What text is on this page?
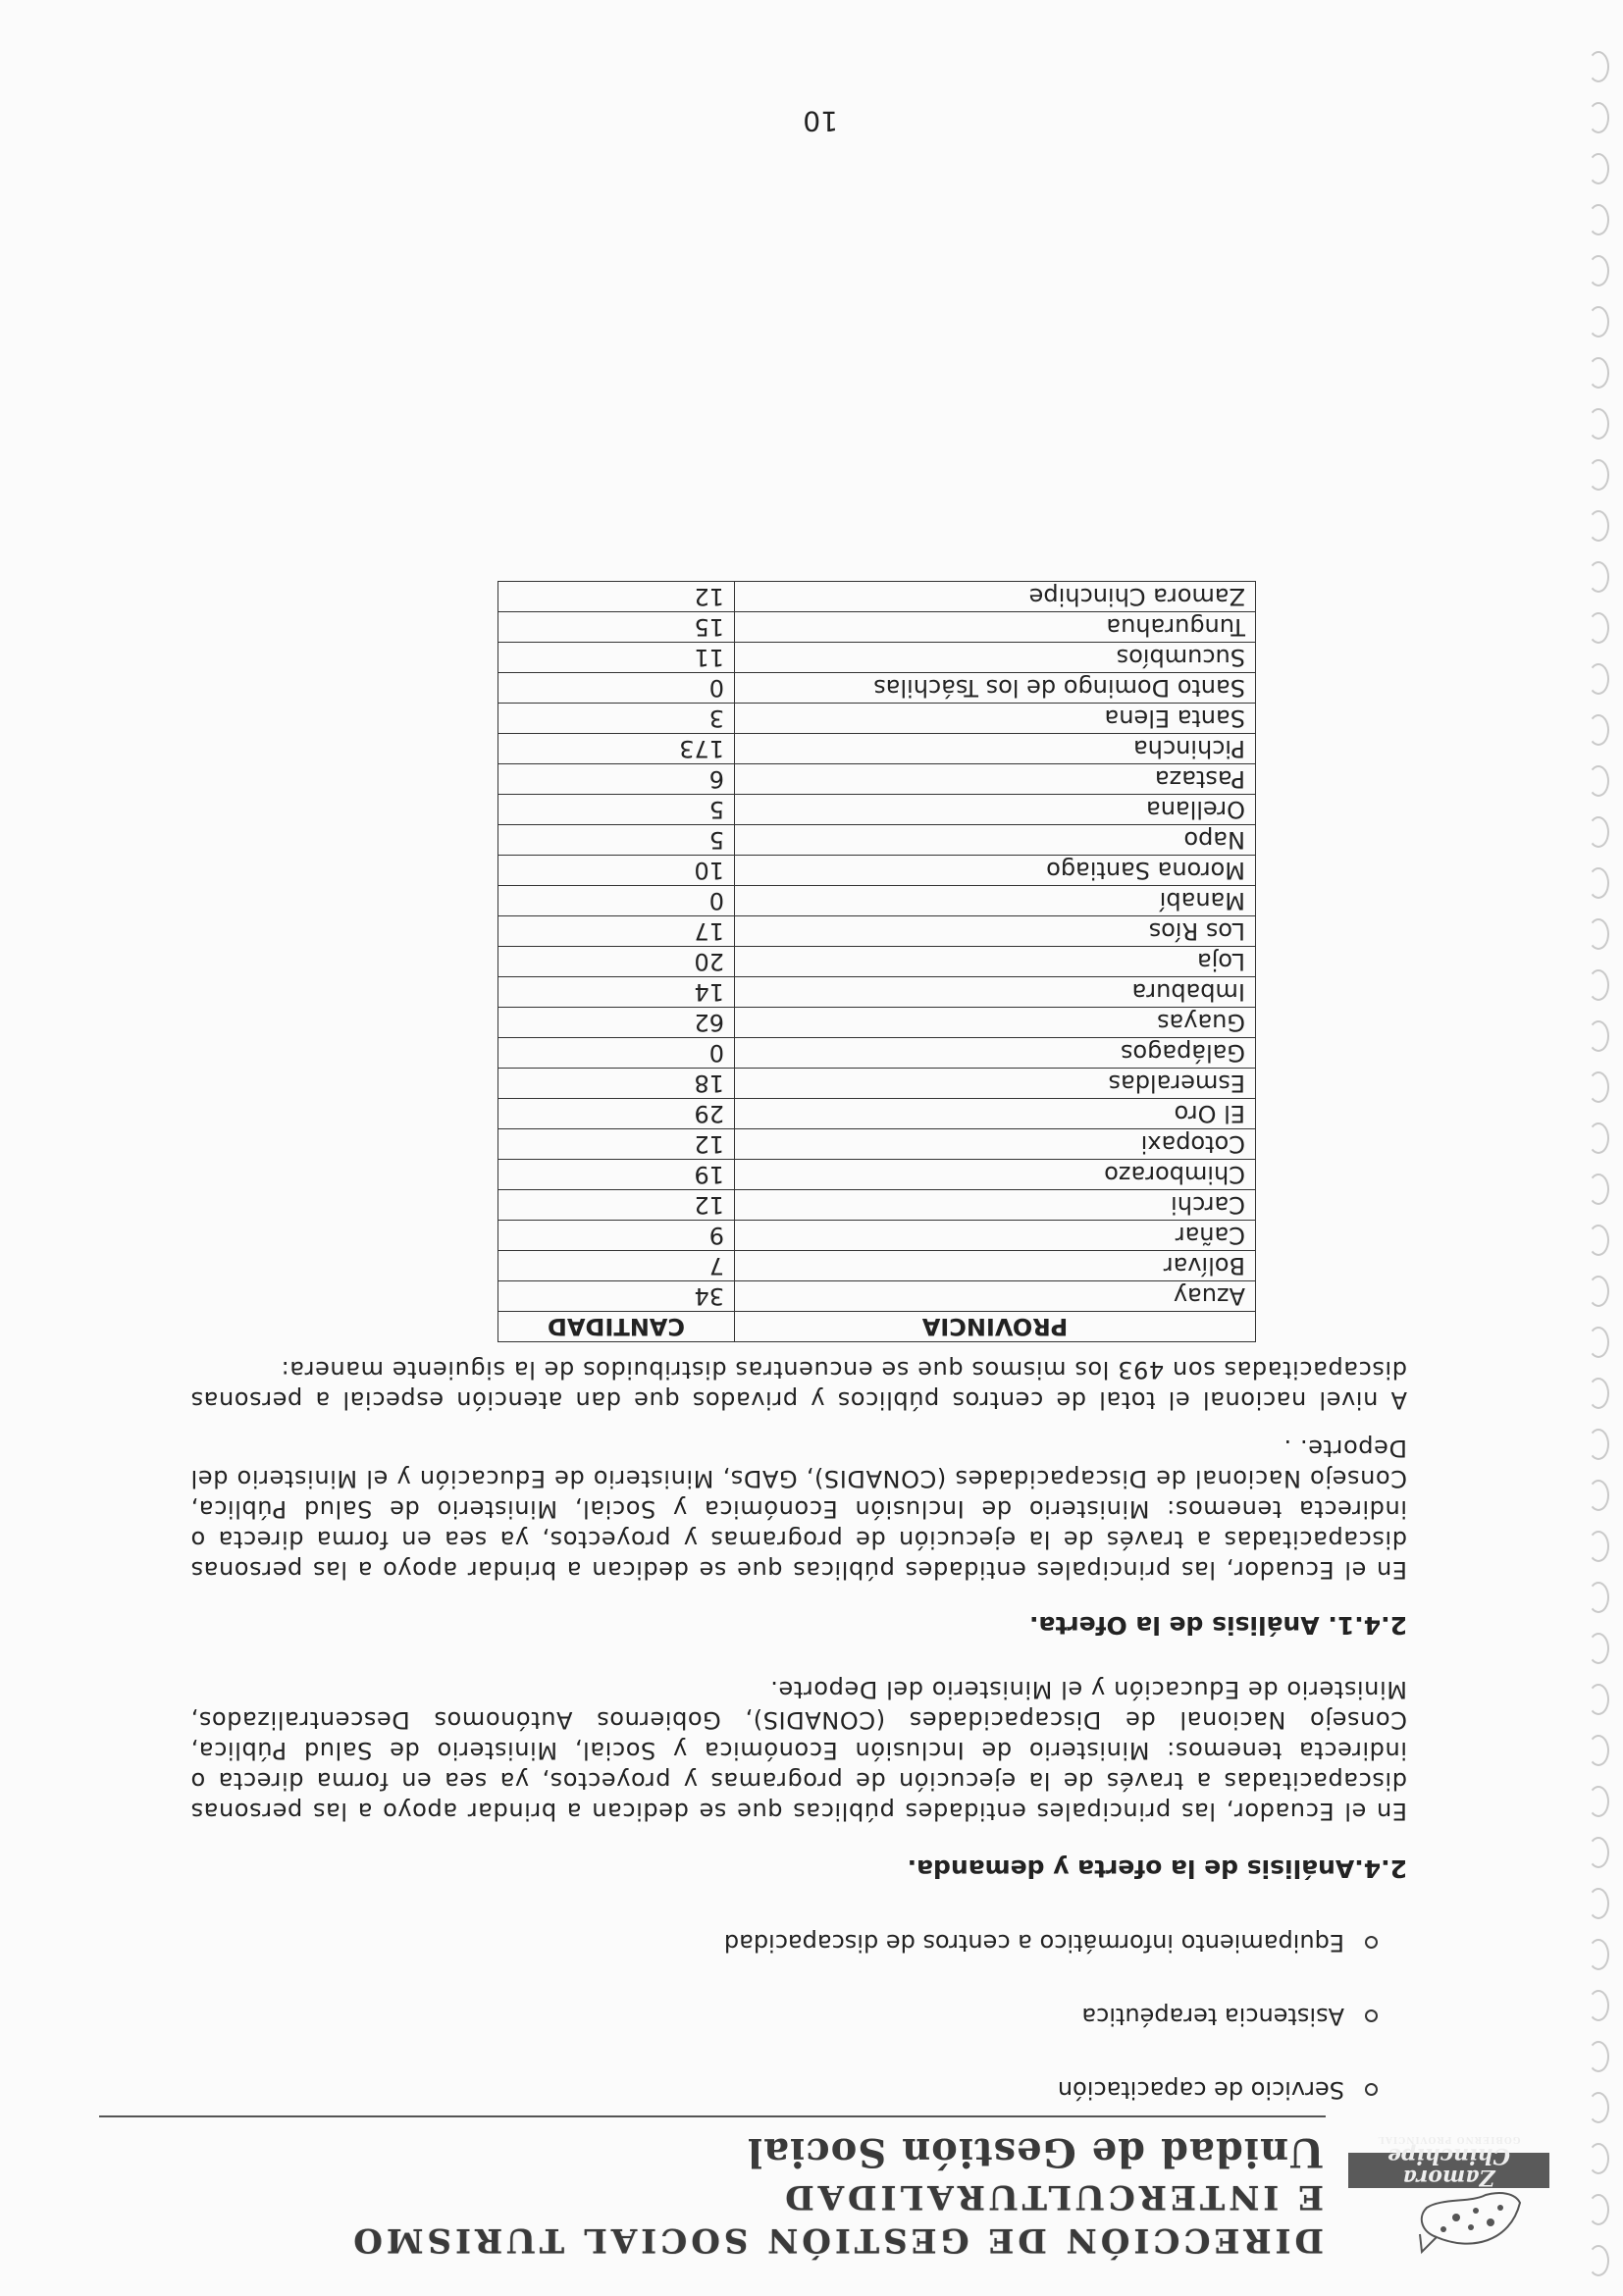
Zamora Chinchipe
GOBIERNO PROVINCIAL
DIRECCIÓN DE GESTIÓN SOCIAL TURISMO
E INTERCULTURALIDAD
Unidad de Gestión Social
Servicio de capacitación
Asistencia terapéutica
Equipamiento informático a centros de discapacidad
2.4.Análisis de la oferta y demanda.

En el Ecuador, las principales entidades públicas que se dedican a brindar apoyo a las personas discapacitadas a través de la ejecución de programas y proyectos, ya sea en forma directa o indirecta tenemos: Ministerio de Inclusión Económica y Social, Ministerio de Salud Pública, Consejo Nacional de Discapacidades (CONADIS), Gobiernos Autónomos Descentralizados, Ministerio de Educación y el Ministerio del Deporte.

2.4.1. Análisis de la Oferta.

En el Ecuador, las principales entidades públicas que se dedican a brindar apoyo a las personas discapacitadas a través de la ejecución de programas y proyectos, ya sea en forma directa o indirecta tenemos: Ministerio de Inclusión Económica y Social, Ministerio de Salud Pública, Consejo Nacional de Discapacidades (CONADIS), GADs, Ministerio de Educación y el Ministerio del Deporte. .

A nivel nacional el total de centros públicos y privados que dan atención especial a personas discapacitadas son 493 los mismos que se encuentras distribuidos de la siguiente manera:

PROVINCIA	CANTIDAD
Azuay	34
Bolívar	7
Cañar	9
Carchi	12
Chimborazo	19
Cotopaxi	12
El Oro	29
Esmeraldas	18
Galápagos	0
Guayas	62
Imbabura	14
Loja	20
Los Ríos	17
Manabí	0
Morona Santiago	10
Napo	5
Orellana	5
Pastaza	6
Pichincha	173
Santa Elena	3
Santo Domingo de los Tsáchilas	0
Sucumbíos	11
Tungurahua	15
Zamora Chinchipe	12
10
